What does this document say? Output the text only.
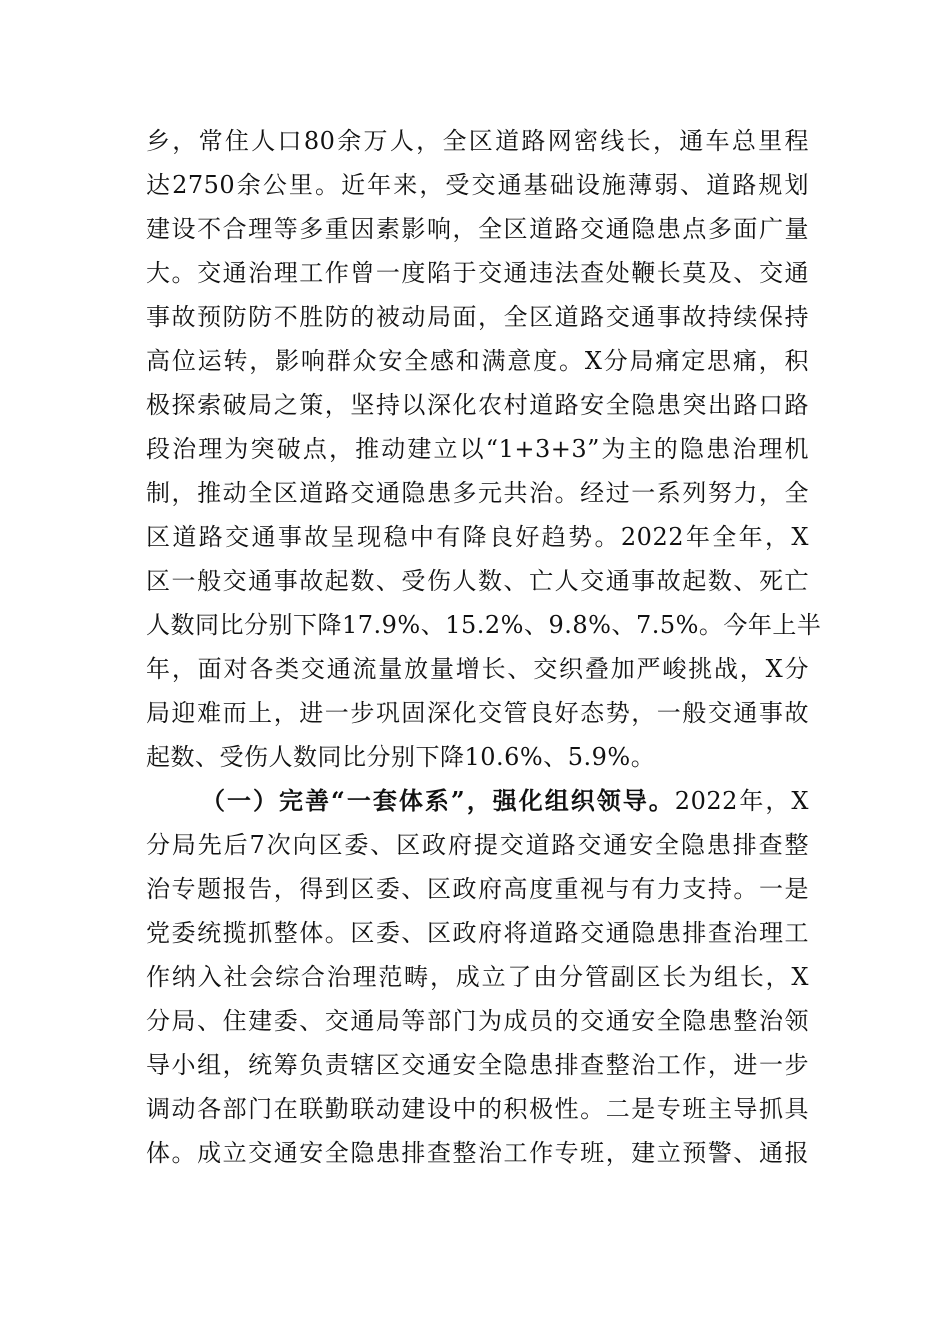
乡，常住人口80余万人，全区道路网密线长，通车总里程
达2750余公里。近年来，受交通基础设施薄弱、道路规划
建设不合理等多重因素影响，全区道路交通隐患点多面广量
大。交通治理工作曾一度陷于交通违法查处鞭长莫及、交通
事故预防防不胜防的被动局面，全区道路交通事故持续保持
高位运转，影响群众安全感和满意度。X分局痛定思痛，积
极探索破局之策，坚持以深化农村道路安全隐患突出路口路
段治理为突破点，推动建立以“1+3+3”为主的隐患治理机
制，推动全区道路交通隐患多元共治。经过一系列努力，全
区道路交通事故呈现稳中有降良好趋势。2022年全年，X
区一般交通事故起数、受伤人数、亡人交通事故起数、死亡
人数同比分别下降17.9%、15.2%、9.8%、7.5%。今年上半
年，面对各类交通流量放量增长、交织叠加严峻挑战，X分
局迎难而上，进一步巩固深化交管良好态势，一般交通事故
起数、受伤人数同比分别下降10.6%、5.9%。
（一）完善“一套体系”，强化组织领导。2022年，X
分局先后7次向区委、区政府提交道路交通安全隐患排查整
治专题报告，得到区委、区政府高度重视与有力支持。一是
党委统揽抓整体。区委、区政府将道路交通隐患排查治理工
作纳入社会综合治理范畴，成立了由分管副区长为组长，X
分局、住建委、交通局等部门为成员的交通安全隐患整治领
导小组，统筹负责辖区交通安全隐患排查整治工作，进一步
调动各部门在联勤联动建设中的积极性。二是专班主导抓具
体。成立交通安全隐患排查整治工作专班，建立预警、通报
